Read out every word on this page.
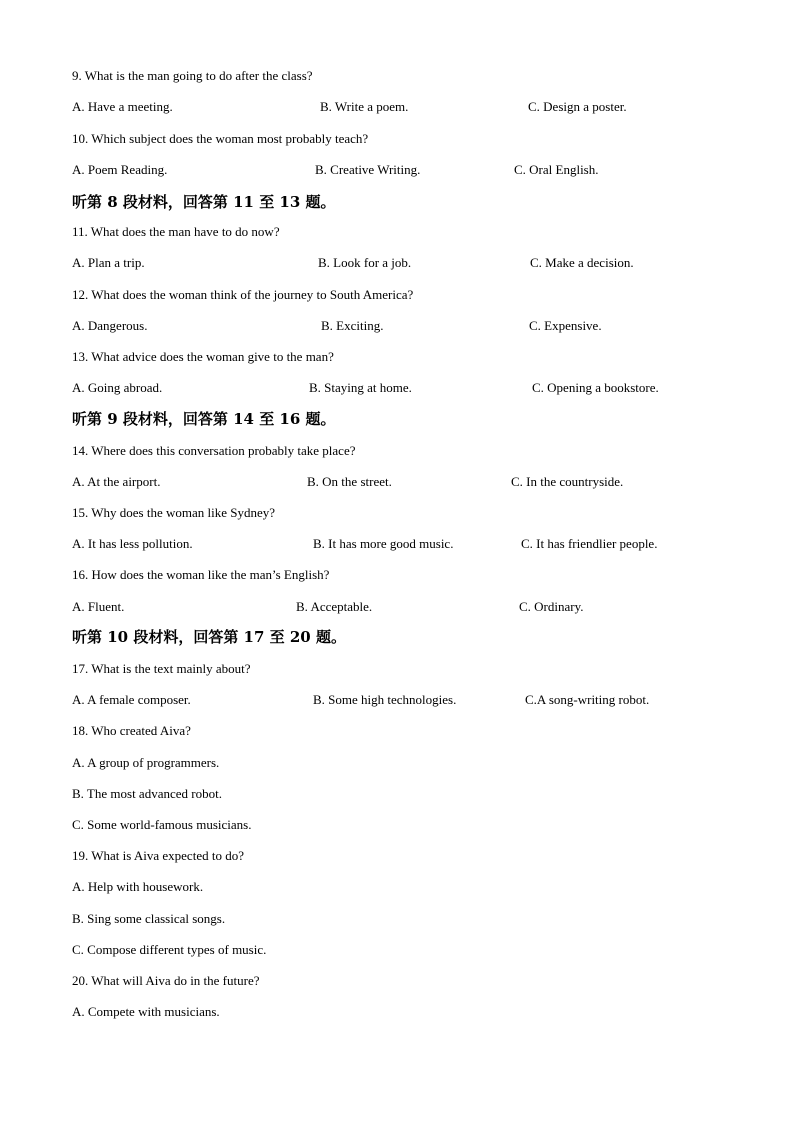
9. What is the man going to do after the class?
A. Have a meeting.	B. Write a poem.	C. Design a poster.
10. Which subject does the woman most probably teach?
A. Poem Reading.	B. Creative Writing.	C. Oral English.
听第 8 段材料，回答第 11 至 13 题。
11. What does the man have to do now?
A. Plan a trip.	B. Look for a job.	C. Make a decision.
12. What does the woman think of the journey to South America?
A. Dangerous.	B. Exciting.	C. Expensive.
13. What advice does the woman give to the man?
A. Going abroad.	B. Staying at home.	C. Opening a bookstore.
听第 9 段材料，回答第 14 至 16 题。
14. Where does this conversation probably take place?
A. At the airport.	B. On the street.	C. In the countryside.
15. Why does the woman like Sydney?
A. It has less pollution.	B. It has more good music.	C. It has friendlier people.
16. How does the woman like the man’s English?
A. Fluent.	B. Acceptable.	C. Ordinary.
听第 10 段材料，回答第 17 至 20 题。
17. What is the text mainly about?
A. A female composer.	B. Some high technologies.	C.A song-writing robot.
18. Who created Aiva?
A. A group of programmers.
B. The most advanced robot.
C. Some world-famous musicians.
19. What is Aiva expected to do?
A. Help with housework.
B. Sing some classical songs.
C. Compose different types of music.
20. What will Aiva do in the future?
A. Compete with musicians.
